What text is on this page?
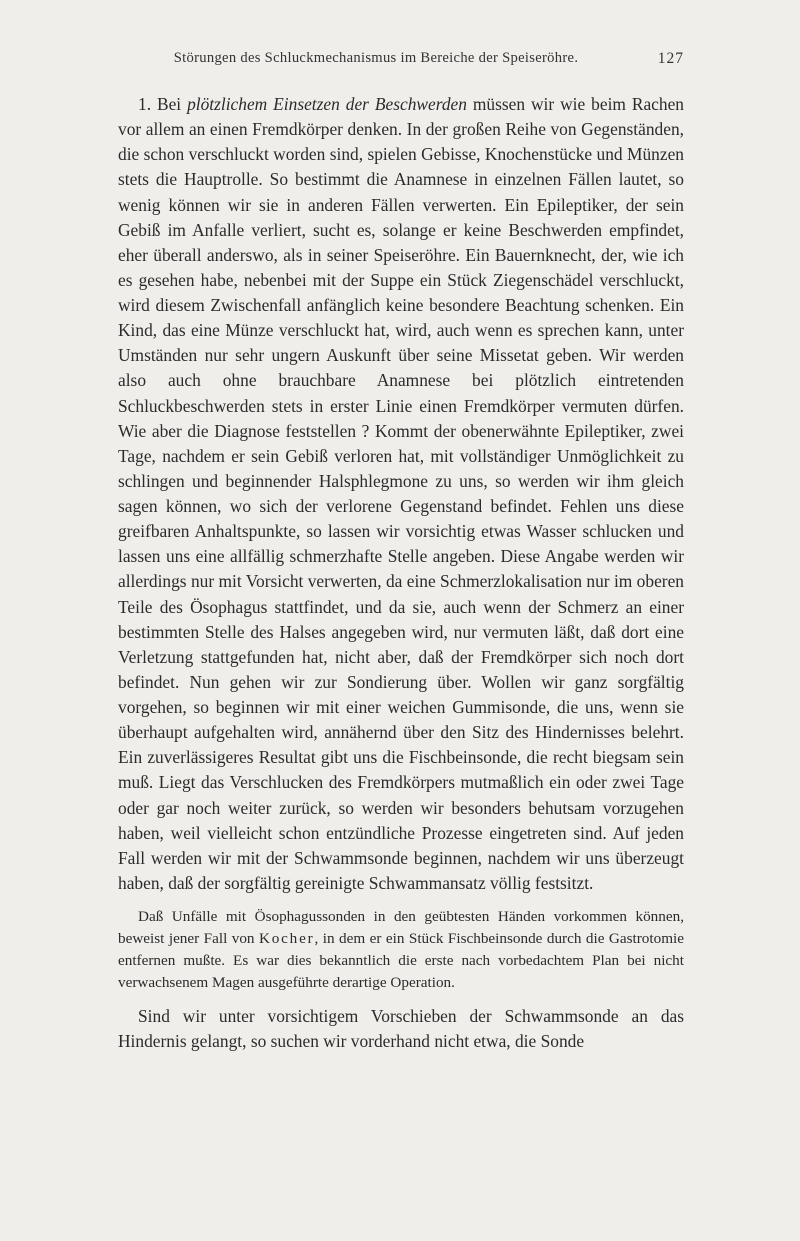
Störungen des Schluckmechanismus im Bereiche der Speiseröhre.	127

1. Bei plötzlichem Einsetzen der Beschwerden müssen wir wie beim Rachen vor allem an einen Fremdkörper denken. In der großen Reihe von Gegenständen, die schon verschluckt worden sind, spielen Gebisse, Knochenstücke und Münzen stets die Hauptrolle. So bestimmt die Anamnese in einzelnen Fällen lautet, so wenig können wir sie in anderen Fällen verwerten. Ein Epileptiker, der sein Gebiß im Anfalle verliert, sucht es, solange er keine Beschwerden empfindet, eher überall anderswo, als in seiner Speiseröhre. Ein Bauernknecht, der, wie ich es gesehen habe, nebenbei mit der Suppe ein Stück Ziegenschädel verschluckt, wird diesem Zwischenfall anfänglich keine besondere Beachtung schenken. Ein Kind, das eine Münze verschluckt hat, wird, auch wenn es sprechen kann, unter Umständen nur sehr ungern Auskunft über seine Missetat geben. Wir werden also auch ohne brauchbare Anamnese bei plötzlich eintretenden Schluckbeschwerden stets in erster Linie einen Fremdkörper vermuten dürfen. Wie aber die Diagnose feststellen ? Kommt der obenerwähnte Epileptiker, zwei Tage, nachdem er sein Gebiß verloren hat, mit vollständiger Unmöglichkeit zu schlingen und beginnender Halsphlegmone zu uns, so werden wir ihm gleich sagen können, wo sich der verlorene Gegenstand befindet. Fehlen uns diese greifbaren Anhaltspunkte, so lassen wir vorsichtig etwas Wasser schlucken und lassen uns eine allfällig schmerzhafte Stelle angeben. Diese Angabe werden wir allerdings nur mit Vorsicht verwerten, da eine Schmerzlokalisation nur im oberen Teile des Ösophagus stattfindet, und da sie, auch wenn der Schmerz an einer bestimmten Stelle des Halses angegeben wird, nur vermuten läßt, daß dort eine Verletzung stattgefunden hat, nicht aber, daß der Fremdkörper sich noch dort befindet. Nun gehen wir zur Sondierung über. Wollen wir ganz sorgfältig vorgehen, so beginnen wir mit einer weichen Gummisonde, die uns, wenn sie überhaupt aufgehalten wird, annähernd über den Sitz des Hindernisses belehrt. Ein zuverlässigeres Resultat gibt uns die Fischbeinsonde, die recht biegsam sein muß. Liegt das Verschlucken des Fremdkörpers mutmaßlich ein oder zwei Tage oder gar noch weiter zurück, so werden wir besonders behutsam vorzugehen haben, weil vielleicht schon entzündliche Prozesse eingetreten sind. Auf jeden Fall werden wir mit der Schwammsonde beginnen, nachdem wir uns überzeugt haben, daß der sorgfältig gereinigte Schwammansatz völlig festsitzt.

Daß Unfälle mit Ösophagussonden in den geübtesten Händen vorkommen können, beweist jener Fall von Kocher, in dem er ein Stück Fischbeinsonde durch die Gastrotomie entfernen mußte. Es war dies bekanntlich die erste nach vorbedachtem Plan bei nicht verwachsenem Magen ausgeführte derartige Operation.

Sind wir unter vorsichtigem Vorschieben der Schwammsonde an das Hindernis gelangt, so suchen wir vorderhand nicht etwa, die Sonde
